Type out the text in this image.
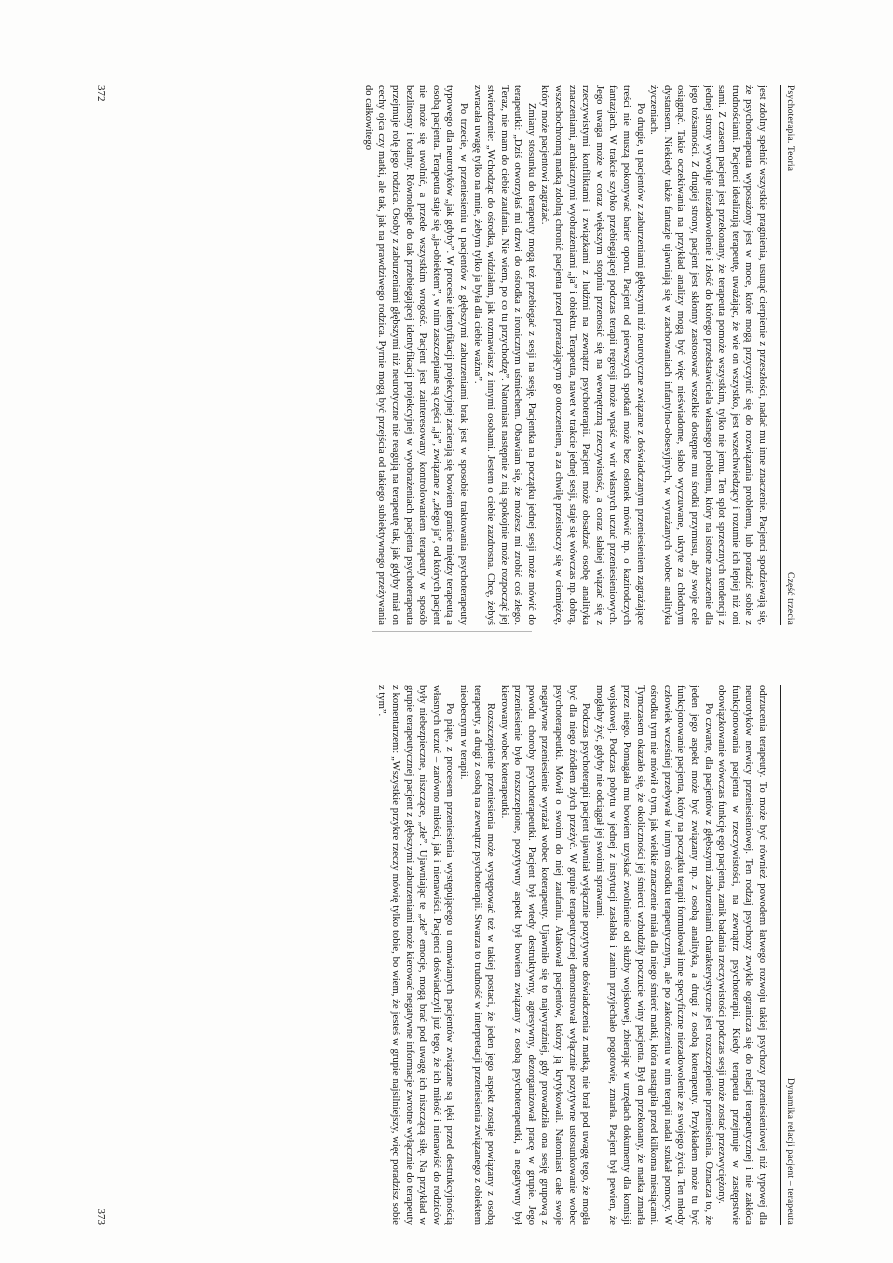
Psychoterapia. Teoria
Część trzecia

jest zdolny spełnić wszystkie pragnienia, usunąć cierpienie z przeszłości, nadać mu inne znaczenie. Pacjenci spodziewają się, że psychoterapeuta wyposażony jest w moce, które mogą przyczynić się do rozwiązania problemu, lub poradzić sobie z trudnościami. Pacjenci idealizują terapeutę, uważając, że wie on wszystko, jest wszechwiedzący i rozumie ich lepiej niż oni sami. Z czasem pacjent jest przekonany, że terapeuta pomoże wszystkim, tylko nie jemu. Ten splot sprzecznych tendencji z jednej strony wywołuje niezadowolenie i złość do którego przedstawiciela własnego problemu, który na istotne znaczenie dla jego tożsamości. Z drugiej strony, pacjent jest skłonny zastosować wszelkie dostępne mu środki przymusu, aby swoje cele osiągnąć. Takie oczekiwania na przykład analizy mogą być więc nieświadome, słabo wyczuwane, ukryte za chłodnym dystansem. Niekiedy także fantazje ujawniają się w zachowaniach infantylno-obsesyjnych, w wyrażanych wobec analityka życzeniach.

Po drugie, u pacjentów z zaburzeniami głębszymi niż neurotyczne związane z doświadczanym przeniesieniem zagrażające treści nie muszą pokonywać barier oporu. Pacjent od pierwszych spotkań może bez osłonek mówić np. o kazirodczych fantazjach. W trakcie szybko przebiegającej podczas terapii regresji może wpaść w wir własnych uczuć przeniesieniowych. Jego uwaga może w coraz większym stopniu przenosić się na wewnętrzną rzeczywistość, a coraz słabiej wiązać się z rzeczywistymi konfliktami i związkami z ludźmi na zewnątrz psychoterapii. Pacjent może obsadzać osobę analityka znaczeniami, archaicznymi wyobrażeniami „ja” i obiektu. Terapeuta, nawet w trakcie jednej sesji, staje się wówczas np. dobrą, wszechochronną matką zdolną chronić pacjenta przed przerażającym go otoczeniem, a za chwilę przeistoczy się w ciemiężcę, który może pacjentowi zagrażać.

Zmiany stosunku do terapeuty mogą też przebiegać z sesji na sesję. Pacjentka na początku jednej sesji może mówić do terapeutki: „Dziś otworzyłaś mi drzwi do ośrodka z ironicznym uśmiechem. Obawiam się, że możesz mi zrobić coś złego. Teraz, nie mam do ciebie zaufania. Nie wiem, po co tu przychodzę”. Natomiast następnie z nią spokojnie może rozpocząć jej stwierdzenie: „Wchodząc do ośrodka, widziałam, jak rozmawiasz z innymi osobami. Jestem o ciebie zazdrosna. Chcę, żebyś zwracała uwagę tylko na mnie, żebym tylko ja była dla ciebie ważna”.

Po trzecie, w przeniesieniu u pacjentów z głębszymi zaburzeniami brak jest w sposobie traktowania psychoterapeuty typowego dla neurotyków „jak gdyby”. W procesie identyfikacji projekcyjnej zacierają się bowiem granice między terapeutą a osobą pacjenta. Terapeuta staje się „ja-obiektem”, w nim zaszczepiane są części „ja”, związane z „złego ja”, od których pacjent nie może się uwolnić, a przede wszystkim wrogość. Pacjent jest zainteresowany kontrolowaniem terapeuty w sposób bezlitosny i totalny. Równolegle do tak przebiegającej identyfikacji projekcyjnej w wyobrażeniach pacjenta psychoterapeuta przejmuje rolę jego rodzica. Osoby z zaburzeniami głębszymi niż neurotyczne nie reagują na terapeutę tak, jak gdyby miał on cechy ojca czy matki, ale tak, jak na prawdziwego rodzica. Pyrnie mogą być przejścia od takiego subiektywnego przeżywania do całkowitego

372
Dynamika relacji pacjent – terapeuta

odrzucenia terapeuty. To może być również powodem łatwego rozwoju takiej psychozy przeniesieniowej niż typowej dla neurotyków nerwicy przeniesieniowej. Ten rodzaj psychozy zwykle ogranicza się do relacji terapeutycznej i nie zakłóca funkcjonowania pacjenta w rzeczywistości, na zewnątrz psychoterapii. Kiedy terapeuta przejmuje w zastępstwie obowiązkowanie wówczas funkcję ego pacjenta, zanik badania rzeczywistości podczas sesji może zostać przezwyciężony.

Po czwarte, dla pacjentów z głębszymi zaburzeniami charakterystyczne jest rozszczepienie przeniesienia. Oznacza to, że jeden jego aspekt może być związany np. z osobą analityka, a drugi z osobą koterapeuty. Przykładem może tu być funkcjonowanie pacjenta, który na początku terapii formułował inne specyficzne niezadowolenie ze swojego życia. Ten młody człowiek wcześniej przebywał w innym ośrodku terapeutycznym, ale po zakończeniu w nim terapii nadal szukał pomocy. W ośrodku tym nie mówił o tym, jak wielkie znaczenie miała dla niego śmierć matki, która nastąpiła przed kilkoma miesiącami. Tymczasem okazało się, że okoliczności jej śmierci wzbudziły poczucie winy pacjenta. Był on przekonany, że matka zmarła przez niego. Pomagała mu bowiem uzyskać zwolnienie od służby wojskowej, zbierając w urzędach dokumenty dla komisji wojskowej. Podczas pobytu w jednej z instytucji zasłabła i zanim przyjechało pogotowie, zmarła. Pacjent był pewien, że mogłaby żyć, gdyby nie odciągał jej swoimi sprawami.

Podczas psychoterapii pacjent ujawniał wyłącznie pozytywne doświadczenia z matką, nie brał pod uwagę tego, że mogła być dla niego źródłem złych przeżyć. W grupie terapeutycznej demonstrował wyłącznie pozytywne ustosunkowanie wobec psychoterapeutki. Mówił o swoim do niej zaufaniu. Atakował pacjentów, którzy ją krytykowali. Natomiast całe swoje negatywne przeniesienie wyrażał wobec koterapeuty. Ujawniło się to najwyraźniej, gdy prowadziła ona sesję grupową z powodu choroby psychoterapeutki. Pacjent był wtedy destruktywny, agresywny, dezorganizował pracę w grupie. Jego przeniesienie było rozszczepione, pozytywny aspekt był bowiem związany z osobą psychoterapeutki, a negatywny był kierowany wobec koterapeutki.

Rozszczepienie przeniesienia może występować też w takiej postaci, że jeden jego aspekt zostaje powiązany z osobą terapeuty, a drugi z osobą na zewnątrz psychoterapii. Stwarza to trudność w interpretacji przeniesienia związanego z obiektem nieobecnym w terapii.

Po piąte, z procesem przeniesienia występującego u omawianych pacjentów związane są lęki przed destrukcyjnością własnych uczuć – zarówno miłości, jak i nienawiści. Pacjenci doświadczyli już tego, że ich miłość i nienawiść do rodziców były niebezpieczne, niszczące, „złe”. Ujawniając te „złe” emocje, mogą brać pod uwagę ich niszczącą siłę. Na przykład w grupie terapeutycznej pacjent z głębszymi zaburzeniami może kierować negatywne informacje zwrotne wyłącznie do terapeuty z komentarzem: „Wszystkie przykre rzeczy mówię tylko tobie, bo wiem, że jesteś w grupie najsilniejszy, więc poradzisz sobie z tym”.

373
